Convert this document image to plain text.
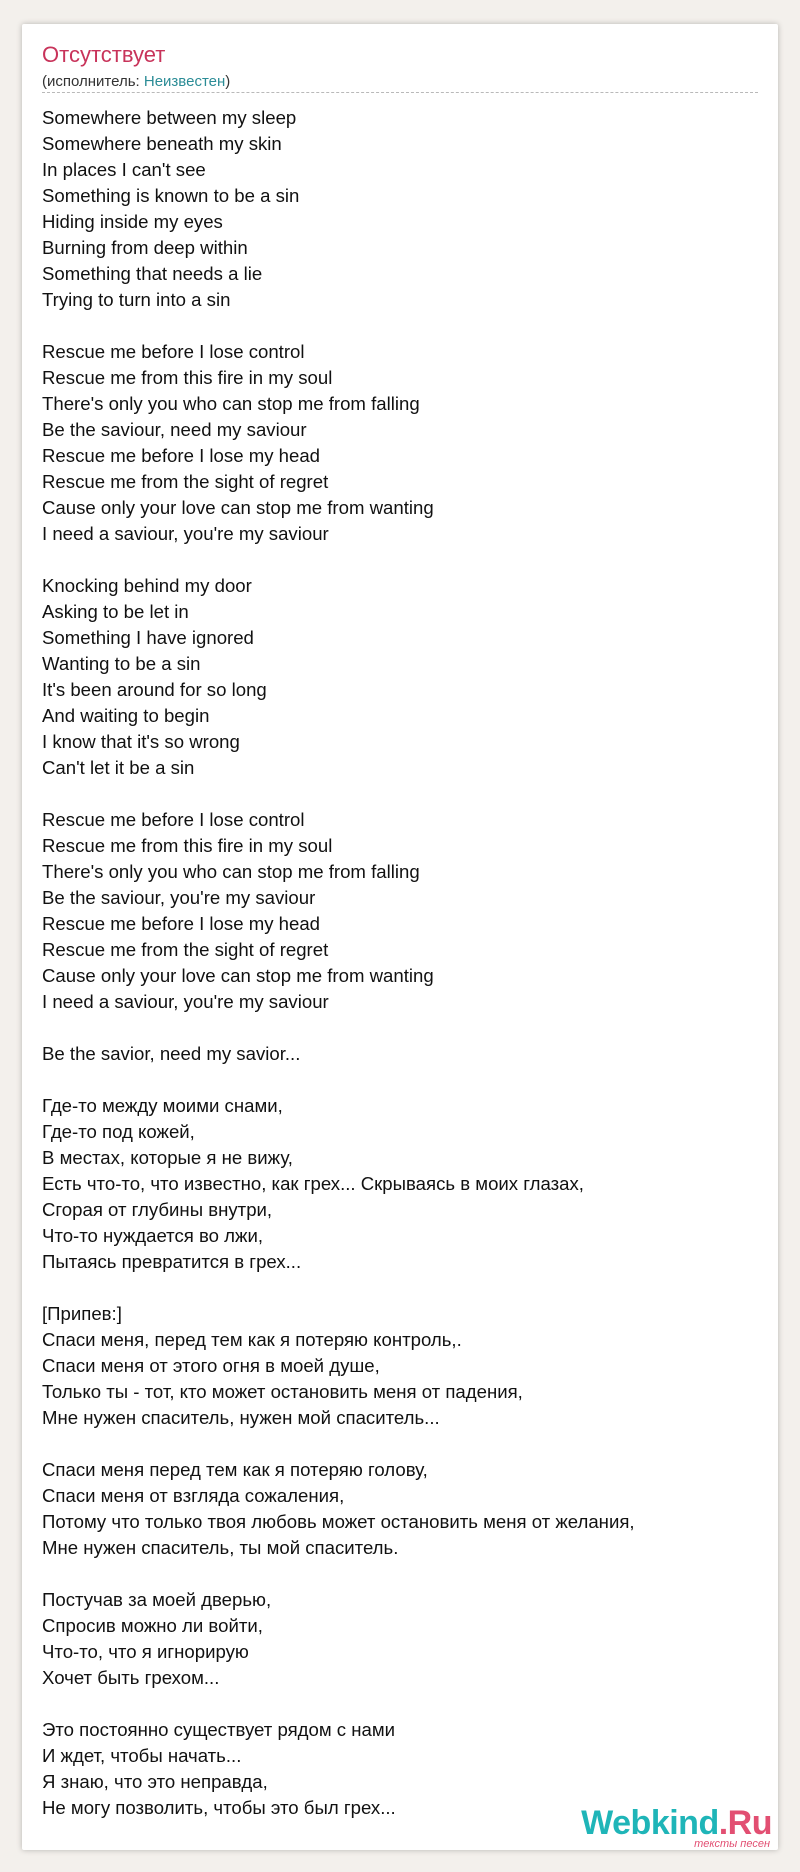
Отсутствует
(исполнитель: Неизвестен)
Somewhere between my sleep
Somewhere beneath my skin
In places I can't see
Something is known to be a sin
Hiding inside my eyes
Burning from deep within
Something that needs a lie
Trying to turn into a sin
Rescue me before I lose control
Rescue me from this fire in my soul
There's only you who can stop me from falling
Be the saviour, need my saviour
Rescue me before I lose my head
Rescue me from the sight of regret
Cause only your love can stop me from wanting
I need a saviour, you're my saviour
Knocking behind my door
Asking to be let in
Something I have ignored
Wanting to be a sin
It's been around for so long
And waiting to begin
I know that it's so wrong
Can't let it be a sin
Rescue me before I lose control
Rescue me from this fire in my soul
There's only you who can stop me from falling
Be the saviour, you're my saviour
Rescue me before I lose my head
Rescue me from the sight of regret
Cause only your love can stop me from wanting
I need a saviour, you're my saviour
Be the savior, need my savior...
Где-то между моими снами,
Где-то под кожей,
В местах, которые я не вижу,
Есть что-то, что известно, как грех... Скрываясь в моих глазах,
Сгорая от глубины внутри,
Что-то нуждается во лжи,
Пытаясь превратится в грех...
[Припев:]
Спаси меня, перед тем как я потеряю контроль,.
Спаси меня от этого огня в моей душе,
Только ты - тот, кто может остановить меня от падения,
Мне нужен спаситель, нужен мой спаситель...
Спаси меня перед тем как я потеряю голову,
Спаси меня от взгляда сожаления,
Потому что только твоя любовь может остановить меня от желания,
Мне нужен спаситель, ты мой спаситель.
Постучав за моей дверью,
Спросив можно ли войти,
Что-то, что я игнорирую
Хочет быть грехом...
Это постоянно существует рядом с нами
И ждет, чтобы начать...
Я знаю, что это неправда,
Не могу позволить, чтобы это был грех...	Webkind.Ru
тексты песен
